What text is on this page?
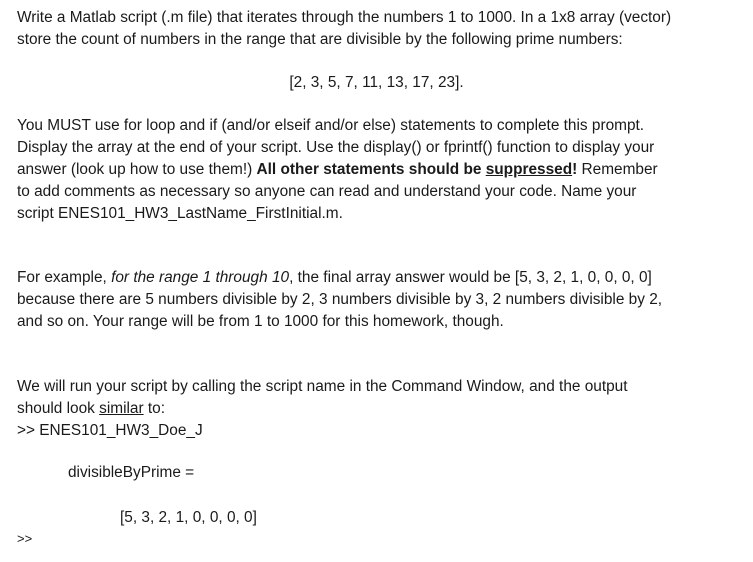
Write a Matlab script (.m file) that iterates through the numbers 1 to 1000. In a 1x8 array (vector)
store the count of numbers in the range that are divisible by the following prime numbers:
[2, 3, 5, 7, 11, 13, 17, 23].
You MUST use for loop and if (and/or elseif and/or else) statements to complete this prompt.
Display the array at the end of your script. Use the display() or fprintf() function to display your
answer (look up how to use them!) All other statements should be suppressed! Remember
to add comments as necessary so anyone can read and understand your code. Name your
script ENES101_HW3_LastName_FirstInitial.m.
For example, for the range 1 through 10, the final array answer would be [5, 3, 2, 1, 0, 0, 0, 0]
because there are 5 numbers divisible by 2, 3 numbers divisible by 3, 2 numbers divisible by 2,
and so on. Your range will be from 1 to 1000 for this homework, though.
We will run your script by calling the script name in the Command Window, and the output
should look similar to:
>> ENES101_HW3_Doe_J
divisibleByPrime =
[5, 3, 2, 1, 0, 0, 0, 0]
>>
